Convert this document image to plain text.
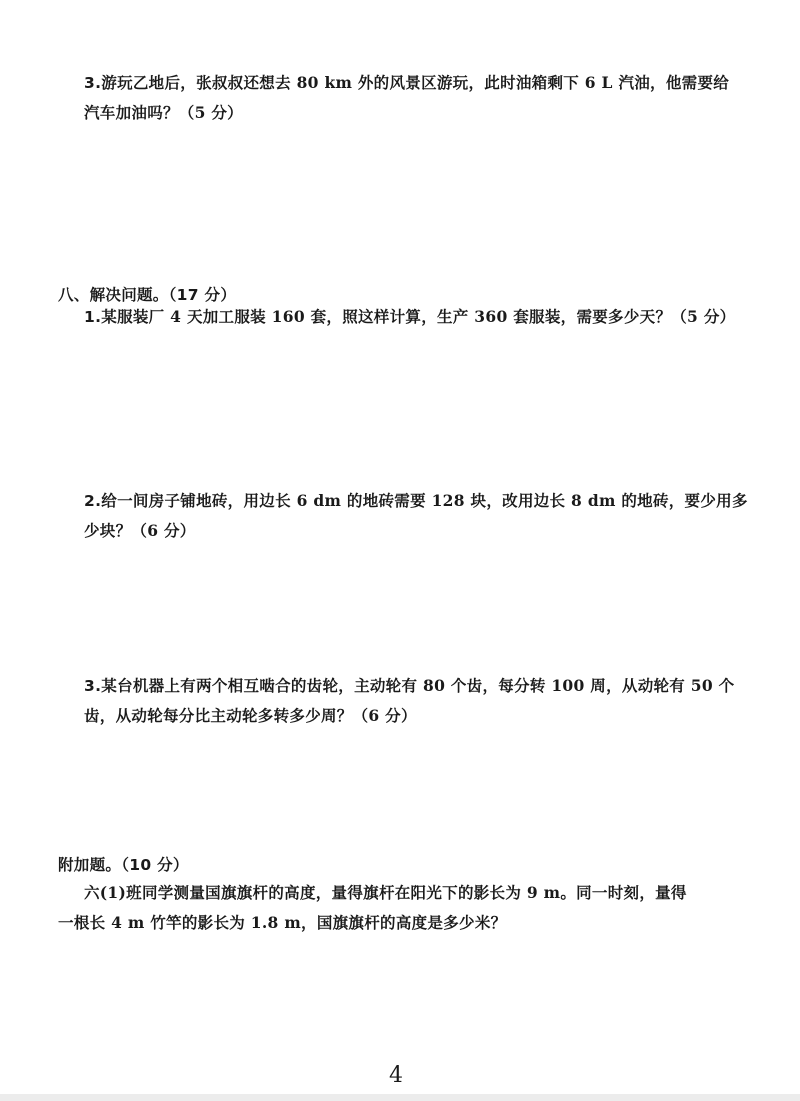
3.游玩乙地后，张叔叔还想去 80 km 外的风景区游玩，此时油箱剩下 6 L 汽油，他需要给
汽车加油吗？（5 分）
八、解决问题。（17 分）
1.某服装厂 4 天加工服装 160 套，照这样计算，生产 360 套服装，需要多少天？（5 分）
2.给一间房子铺地砖，用边长 6 dm 的地砖需要 128 块，改用边长 8 dm 的地砖，要少用多
少块？（6 分）
3.某台机器上有两个相互啮合的齿轮，主动轮有 80 个齿，每分转 100 周，从动轮有 50 个
齿，从动轮每分比主动轮多转多少周？（6 分）
附加题。（10 分）
六(1)班同学测量国旗旗杆的高度，量得旗杆在阳光下的影长为 9 m。同一时刻，量得
一根长 4 m 竹竿的影长为 1.8 m，国旗旗杆的高度是多少米？
4
